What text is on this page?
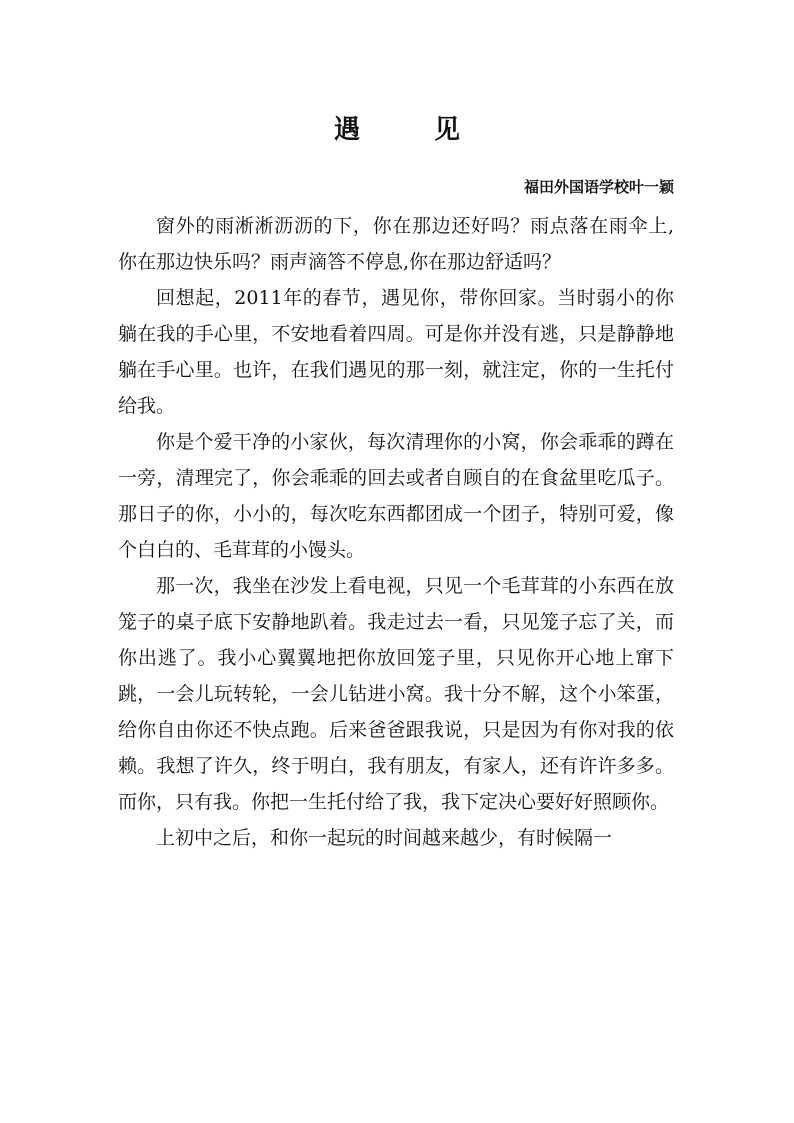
遇　见

福田外国语学校叶一颖

窗外的雨淅淅沥沥的下，你在那边还好吗？雨点落在雨伞上,你在那边快乐吗？雨声滴答不停息,你在那边舒适吗？

回想起，2011年的春节，遇见你，带你回家。当时弱小的你躺在我的手心里，不安地看着四周。可是你并没有逃，只是静静地躺在手心里。也许，在我们遇见的那一刻，就注定，你的一生托付给我。

你是个爱干净的小家伙，每次清理你的小窝，你会乖乖的蹲在一旁，清理完了，你会乖乖的回去或者自顾自的在食盆里吃瓜子。那日子的你，小小的，每次吃东西都团成一个团子，特别可爱，像个白白的、毛茸茸的小馒头。

那一次，我坐在沙发上看电视，只见一个毛茸茸的小东西在放笼子的桌子底下安静地趴着。我走过去一看，只见笼子忘了关，而你出逃了。我小心翼翼地把你放回笼子里，只见你开心地上窜下跳，一会儿玩转轮，一会儿钻进小窝。我十分不解，这个小笨蛋，给你自由你还不快点跑。后来爸爸跟我说，只是因为有你对我的依赖。我想了许久，终于明白，我有朋友，有家人，还有许许多多。而你，只有我。你把一生托付给了我，我下定决心要好好照顾你。

上初中之后，和你一起玩的时间越来越少，有时候隔一
